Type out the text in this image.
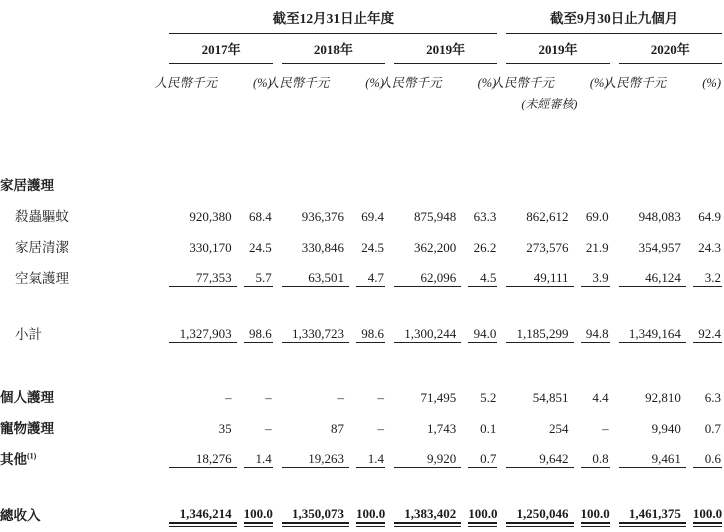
	截至12月31日止年度						截至9月30日止九個月			

	2017年		2018年		2019年		2019年		2020年	

	人民幣千元	(%)	人民幣千元	(%)	人民幣千元	(%)	人民幣千元	(%)	人民幣千元	(%)

							(未經審核)			

家居護理										
殺蟲驅蚊	920,380	68.4	936,376	69.4	875,948	63.3	862,612	69.0	948,083	64.9

家居清潔	330,170	24.5	330,846	24.5	362,200	26.2	273,576	21.9	354,957	24.3

空氣護理	77,353	5.7	63,501	4.7	62,096	4.5	49,111	3.9	46,124	3.2

小計	1,327,903	98.6	1,330,723	98.6	1,300,244	94.0	1,185,299	94.8	1,349,164	92.4

個人護理	–	–	–	–	71,495	5.2	54,851	4.4	92,810	6.3

寵物護理	35	–	87	–	1,743	0.1	254	–	9,940	0.7

其他$^{(1)}$	18,276	1.4	19,263	1.4	9,920	0.7	9,642	0.8	9,461	0.6

總收入	1,346,214	100.0	1,350,073	100.0	1,383,402	100.0	1,250,046	100.0	1,461,375	100.0
